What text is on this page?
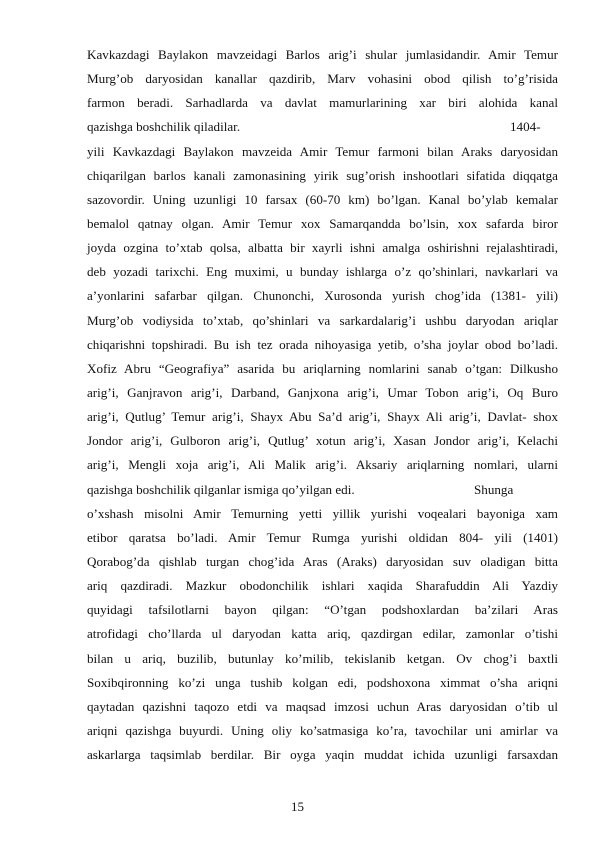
Kavkazdagi Baylakon mavzeidagi Barlos arig’i shular jumlasidandir. Amir Temur
Murg’ob daryosidan kanallar qazdirib, Marv vohasini obod qilish to’g’risida
farmon beradi. Sarhadlarda va davlat mamurlarining xar biri alohida kanal
qazishga boshchilik qiladilar.	1404-
yili Kavkazdagi Baylakon mavzeida Amir Temur farmoni bilan Araks daryosidan
chiqarilgan barlos kanali zamonasining yirik sug’orish inshootlari sifatida diqqatga
sazovordir. Uning uzunligi 10 farsax (60-70 km) bo’lgan. Kanal bo’ylab kemalar
bemalol qatnay olgan. Amir Temur xox Samarqandda bo’lsin, xox safarda biror
joyda ozgina to’xtab qolsa, albatta bir xayrli ishni amalga oshirishni rejalashtiradi,
deb yozadi tarixchi. Eng muximi, u bunday ishlarga o’z qo’shinlari, navkarlari va
a’yonlarini safarbar qilgan. Chunonchi, Xurosonda yurish chog’ida (1381- yili)
Murg’ob vodiysida to’xtab, qo’shinlari va sarkardalarig’i ushbu daryodan ariqlar
chiqarishni topshiradi. Bu ish tez orada nihoyasiga yetib, o’sha joylar obod bo’ladi.
Xofiz Abru “Geografiya” asarida bu ariqlarning nomlarini sanab o’tgan: Dilkusho
arig’i, Ganjravon arig’i, Darband, Ganjxona arig’i, Umar Tobon arig’i, Oq Buro
arig’i, Qutlug’ Temur arig’i, Shayx Abu Sa’d arig’i, Shayx Ali arig’i, Davlat- shox
Jondor arig’i, Gulboron arig’i, Qutlug’ xotun arig’i, Xasan Jondor arig’i, Kelachi
arig’i, Mengli xoja arig’i, Ali Malik arig’i. Aksariy ariqlarning nomlari, ularni
qazishga boshchilik qilganlar ismiga qo’yilgan edi.	Shunga
o’xshash misolni Amir Temurning yetti yillik yurishi voqealari bayoniga xam
etibor qaratsa bo’ladi. Amir Temur Rumga yurishi oldidan 804- yili (1401)
Qorabog’da qishlab turgan chog’ida Aras (Araks) daryosidan suv oladigan bitta
ariq qazdiradi. Mazkur obodonchilik ishlari xaqida Sharafuddin Ali Yazdiy
quyidagi tafsilotlarni bayon qilgan: “O’tgan podshoxlardan ba’zilari Aras
atrofidagi cho’llarda ul daryodan katta ariq, qazdirgan edilar, zamonlar o’tishi
bilan u ariq, buzilib, butunlay ko’milib, tekislanib ketgan. Ov chog’i baxtli
Soxibqironning ko’zi unga tushib kolgan edi, podshoxona ximmat o’sha ariqni
qaytadan qazishni taqozo etdi va maqsad imzosi uchun Aras daryosidan o’tib ul
ariqni qazishga buyurdi. Uning oliy ko’satmasiga ko’ra, tavochilar uni amirlar va
askarlarga taqsimlab berdilar. Bir oyga yaqin muddat ichida uzunligi farsaxdan
15
